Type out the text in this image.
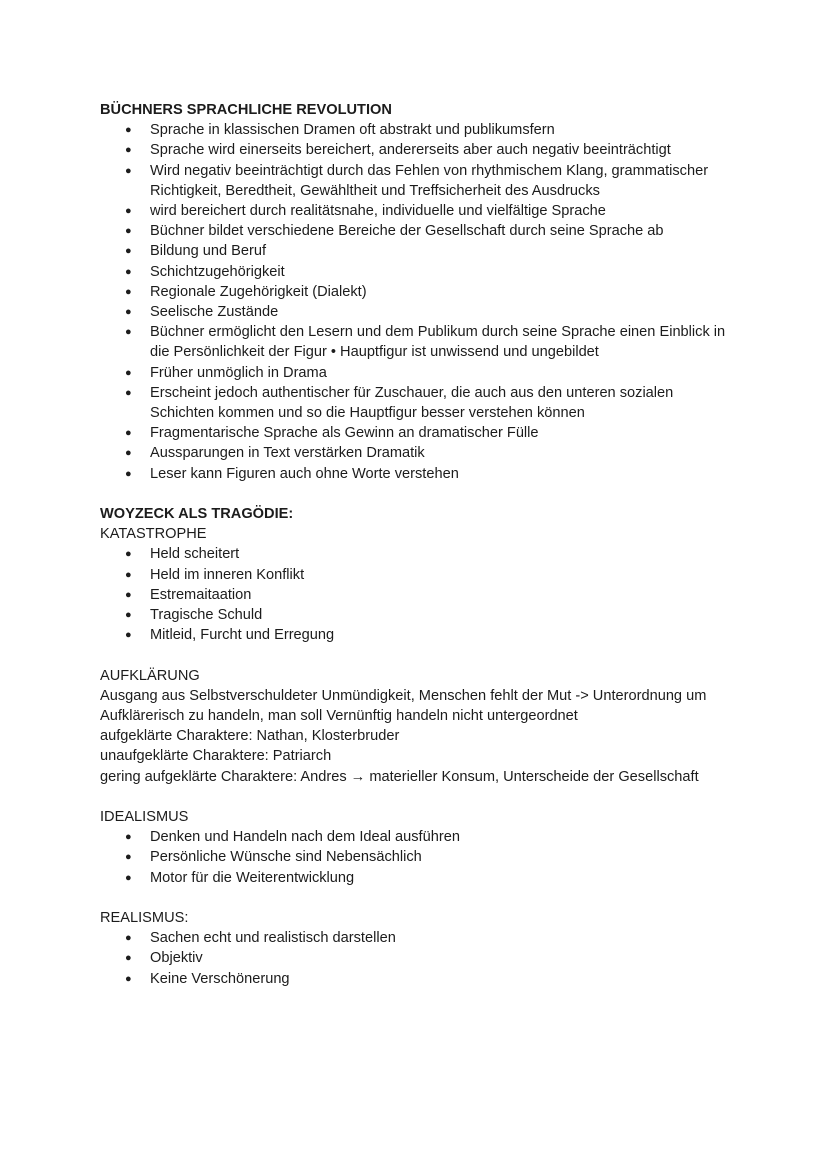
BÜCHNERS SPRACHLICHE REVOLUTION

● Sprache in klassischen Dramen oft abstrakt und publikumsfern
● Sprache wird einerseits bereichert, andererseits aber auch negativ beeinträchtigt
● Wird negativ beeinträchtigt durch das Fehlen von rhythmischem Klang, grammatischer Richtigkeit, Beredtheit, Gewähltheit und Treffsicherheit des Ausdrucks
● wird bereichert durch realitätsnahe, individuelle und vielfältige Sprache
● Büchner bildet verschiedene Bereiche der Gesellschaft durch seine Sprache ab
● Bildung und Beruf
● Schichtzugehörigkeit
● Regionale Zugehörigkeit (Dialekt)
● Seelische Zustände
● Büchner ermöglicht den Lesern und dem Publikum durch seine Sprache einen Einblick in die Persönlichkeit der Figur • Hauptfigur ist unwissend und ungebildet
● Früher unmöglich in Drama
● Erscheint jedoch authentischer für Zuschauer, die auch aus den unteren sozialen Schichten kommen und so die Hauptfigur besser verstehen können
● Fragmentarische Sprache als Gewinn an dramatischer Fülle
● Aussparungen in Text verstärken Dramatik
● Leser kann Figuren auch ohne Worte verstehen

WOYZECK ALS TRAGÖDIE:

KATASTROPHE

● Held scheitert
● Held im inneren Konflikt
● Estremaitaation
● Tragische Schuld
● Mitleid, Furcht und Erregung

AUFKLÄRUNG

Ausgang aus Selbstverschuldeter Unmündigkeit, Menschen fehlt der Mut -> Unterordnung um Aufklärerisch zu handeln, man soll Vernünftig handeln nicht untergeordnet

aufgeklärte Charaktere: Nathan, Klosterbruder

unaufgeklärte Charaktere: Patriarch

gering aufgeklärte Charaktere: Andres → materieller Konsum, Unterscheide der Gesellschaft

IDEALISMUS

● Denken und Handeln nach dem Ideal ausführen
● Persönliche Wünsche sind Nebensächlich
● Motor für die Weiterentwicklung

REALISMUS:

● Sachen echt und realistisch darstellen
● Objektiv
● Keine Verschönerung
